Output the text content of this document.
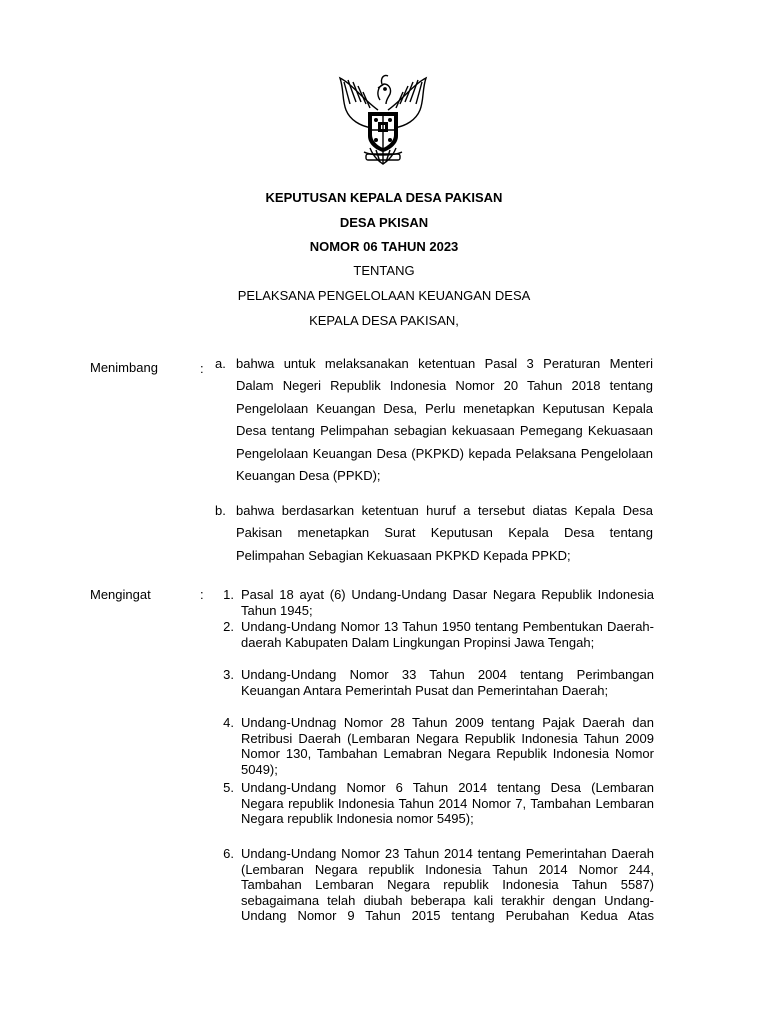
KEPUTUSAN KEPALA DESA PAKISAN
DESA PKISAN
NOMOR 06 TAHUN 2023
TENTANG
PELAKSANA PENGELOLAAN KEUANGAN DESA
KEPALA DESA PAKISAN,
Menimbang	: a. bahwa untuk melaksanakan ketentuan Pasal 3 Peraturan Menteri Dalam Negeri Republik Indonesia Nomor 20 Tahun 2018 tentang Pengelolaan Keuangan Desa, Perlu menetapkan Keputusan Kepala Desa tentang Pelimpahan sebagian kekuasaan Pemegang Kekuasaan Pengelolaan Keuangan Desa (PKPKD) kepada Pelaksana Pengelolaan Keuangan Desa (PPKD);
b. bahwa berdasarkan ketentuan huruf a tersebut diatas Kepala Desa Pakisan menetapkan Surat Keputusan Kepala Desa tentang Pelimpahan Sebagian Kekuasaan PKPKD Kepada PPKD;
Mengingat	:	1. Pasal 18 ayat (6) Undang-Undang Dasar Negara Republik Indonesia Tahun 1945;
2. Undang-Undang Nomor 13 Tahun 1950 tentang Pembentukan Daerah-daerah Kabupaten Dalam Lingkungan Propinsi Jawa Tengah;
3. Undang-Undang Nomor 33 Tahun 2004 tentang Perimbangan Keuangan Antara Pemerintah Pusat dan Pemerintahan Daerah;
4. Undang-Undnag Nomor 28 Tahun 2009 tentang Pajak Daerah dan Retribusi Daerah (Lembaran Negara Republik Indonesia Tahun 2009 Nomor 130, Tambahan Lemabran Negara Republik Indonesia Nomor 5049);
5. Undang-Undang Nomor 6 Tahun 2014 tentang Desa (Lembaran Negara republik Indonesia Tahun 2014 Nomor 7, Tambahan Lembaran Negara republik Indonesia nomor 5495);
6. Undang-Undang Nomor 23 Tahun 2014 tentang Pemerintahan Daerah (Lembaran Negara republik Indonesia Tahun 2014 Nomor 244, Tambahan Lembaran Negara republik Indonesia Tahun 5587) sebagaimana telah diubah beberapa kali terakhir dengan Undang-Undang Nomor 9 Tahun 2015 tentang Perubahan Kedua Atas
